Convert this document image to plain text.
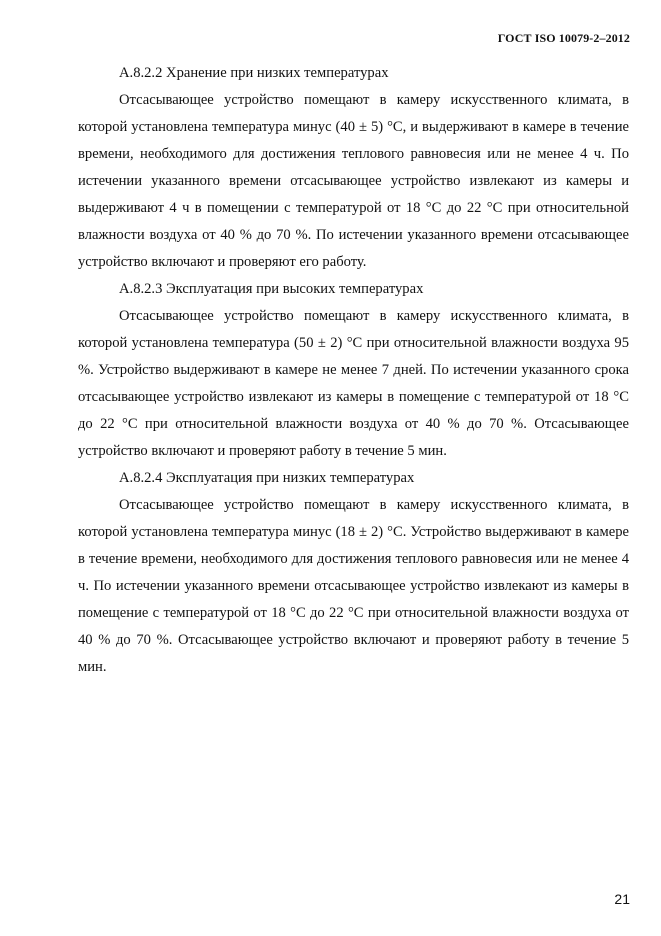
ГОСТ ISO 10079-2–2012

А.8.2.2 Хранение при низких температурах

Отсасывающее устройство помещают в камеру искусственного климата, в которой установлена температура минус (40 ± 5) °С, и выдерживают в камере в течение времени, необходимого для достижения теплового равновесия или не менее 4 ч. По истечении указанного времени отсасывающее устройство извлекают из камеры и выдерживают 4 ч в помещении с температурой от 18 °С до 22 °С при относительной влажности воздуха от 40 % до 70 %. По истечении указанного времени отсасывающее устройство включают и проверяют его работу.

А.8.2.3 Эксплуатация при высоких температурах

Отсасывающее устройство помещают в камеру искусственного климата, в которой установлена температура (50 ± 2) °С при относительной влажности воздуха 95 %. Устройство выдерживают в камере не менее 7 дней. По истечении указанного срока отсасывающее устройство извлекают из камеры в помещение с температурой от 18 °С до 22 °С при относительной влажности воздуха от 40 % до 70 %. Отсасывающее устройство включают и проверяют работу в течение 5 мин.

А.8.2.4 Эксплуатация при низких температурах

Отсасывающее устройство помещают в камеру искусственного климата, в которой установлена температура минус (18 ± 2) °С. Устройство выдерживают в камере в течение времени, необходимого для достижения теплового равновесия или не менее 4 ч. По истечении указанного времени отсасывающее устройство извлекают из камеры в помещение с температурой от 18 °С до 22 °С при относительной влажности воздуха от 40 % до 70 %. Отсасывающее устройство включают и проверяют работу в течение 5 мин.

21
